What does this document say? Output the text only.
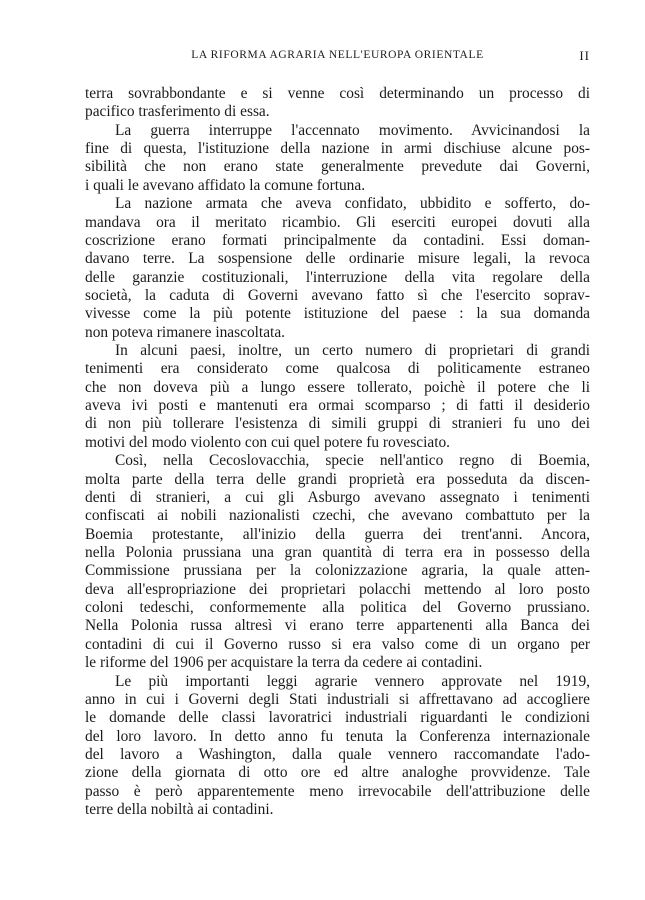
LA RIFORMA AGRARIA NELL'EUROPA ORIENTALE	II
terra sovrabbondante e si venne così determinando un processo di
pacifico trasferimento di essa.
La guerra interruppe l'accennato movimento. Avvicinandosi la
fine di questa, l'istituzione della nazione in armi dischiuse alcune pos-
sibilità che non erano state generalmente prevedute dai Governi,
i quali le avevano affidato la comune fortuna.
La nazione armata che aveva confidato, ubbidito e sofferto, do-
mandava ora il meritato ricambio. Gli eserciti europei dovuti alla
coscrizione erano formati principalmente da contadini. Essi doman-
davano terre. La sospensione delle ordinarie misure legali, la revoca
delle garanzie costituzionali, l'interruzione della vita regolare della
società, la caduta di Governi avevano fatto sì che l'esercito soprav-
vivesse come la più potente istituzione del paese : la sua domanda
non poteva rimanere inascoltata.
In alcuni paesi, inoltre, un certo numero di proprietari di grandi
tenimenti era considerato come qualcosa di politicamente estraneo
che non doveva più a lungo essere tollerato, poichè il potere che li
aveva ivi posti e mantenuti era ormai scomparso ; di fatti il desiderio
di non più tollerare l'esistenza di simili gruppi di stranieri fu uno dei
motivi del modo violento con cui quel potere fu rovesciato.
Così, nella Cecoslovacchia, specie nell'antico regno di Boemia,
molta parte della terra delle grandi proprietà era posseduta da discen-
denti di stranieri, a cui gli Asburgo avevano assegnato i tenimenti
confiscati ai nobili nazionalisti czechi, che avevano combattuto per la
Boemia protestante, all'inizio della guerra dei trent'anni. Ancora,
nella Polonia prussiana una gran quantità di terra era in possesso della
Commissione prussiana per la colonizzazione agraria, la quale atten-
deva all'espropriazione dei proprietari polacchi mettendo al loro posto
coloni tedeschi, conformemente alla politica del Governo prussiano.
Nella Polonia russa altresì vi erano terre appartenenti alla Banca dei
contadini di cui il Governo russo si era valso come di un organo per
le riforme del 1906 per acquistare la terra da cedere ai contadini.
Le più importanti leggi agrarie vennero approvate nel 1919,
anno in cui i Governi degli Stati industriali si affrettavano ad accogliere
le domande delle classi lavoratrici industriali riguardanti le condizioni
del loro lavoro. In detto anno fu tenuta la Conferenza internazionale
del lavoro a Washington, dalla quale vennero raccomandate l'ado-
zione della giornata di otto ore ed altre analoghe provvidenze. Tale
passo è però apparentemente meno irrevocabile dell'attribuzione delle
terre della nobiltà ai contadini.
